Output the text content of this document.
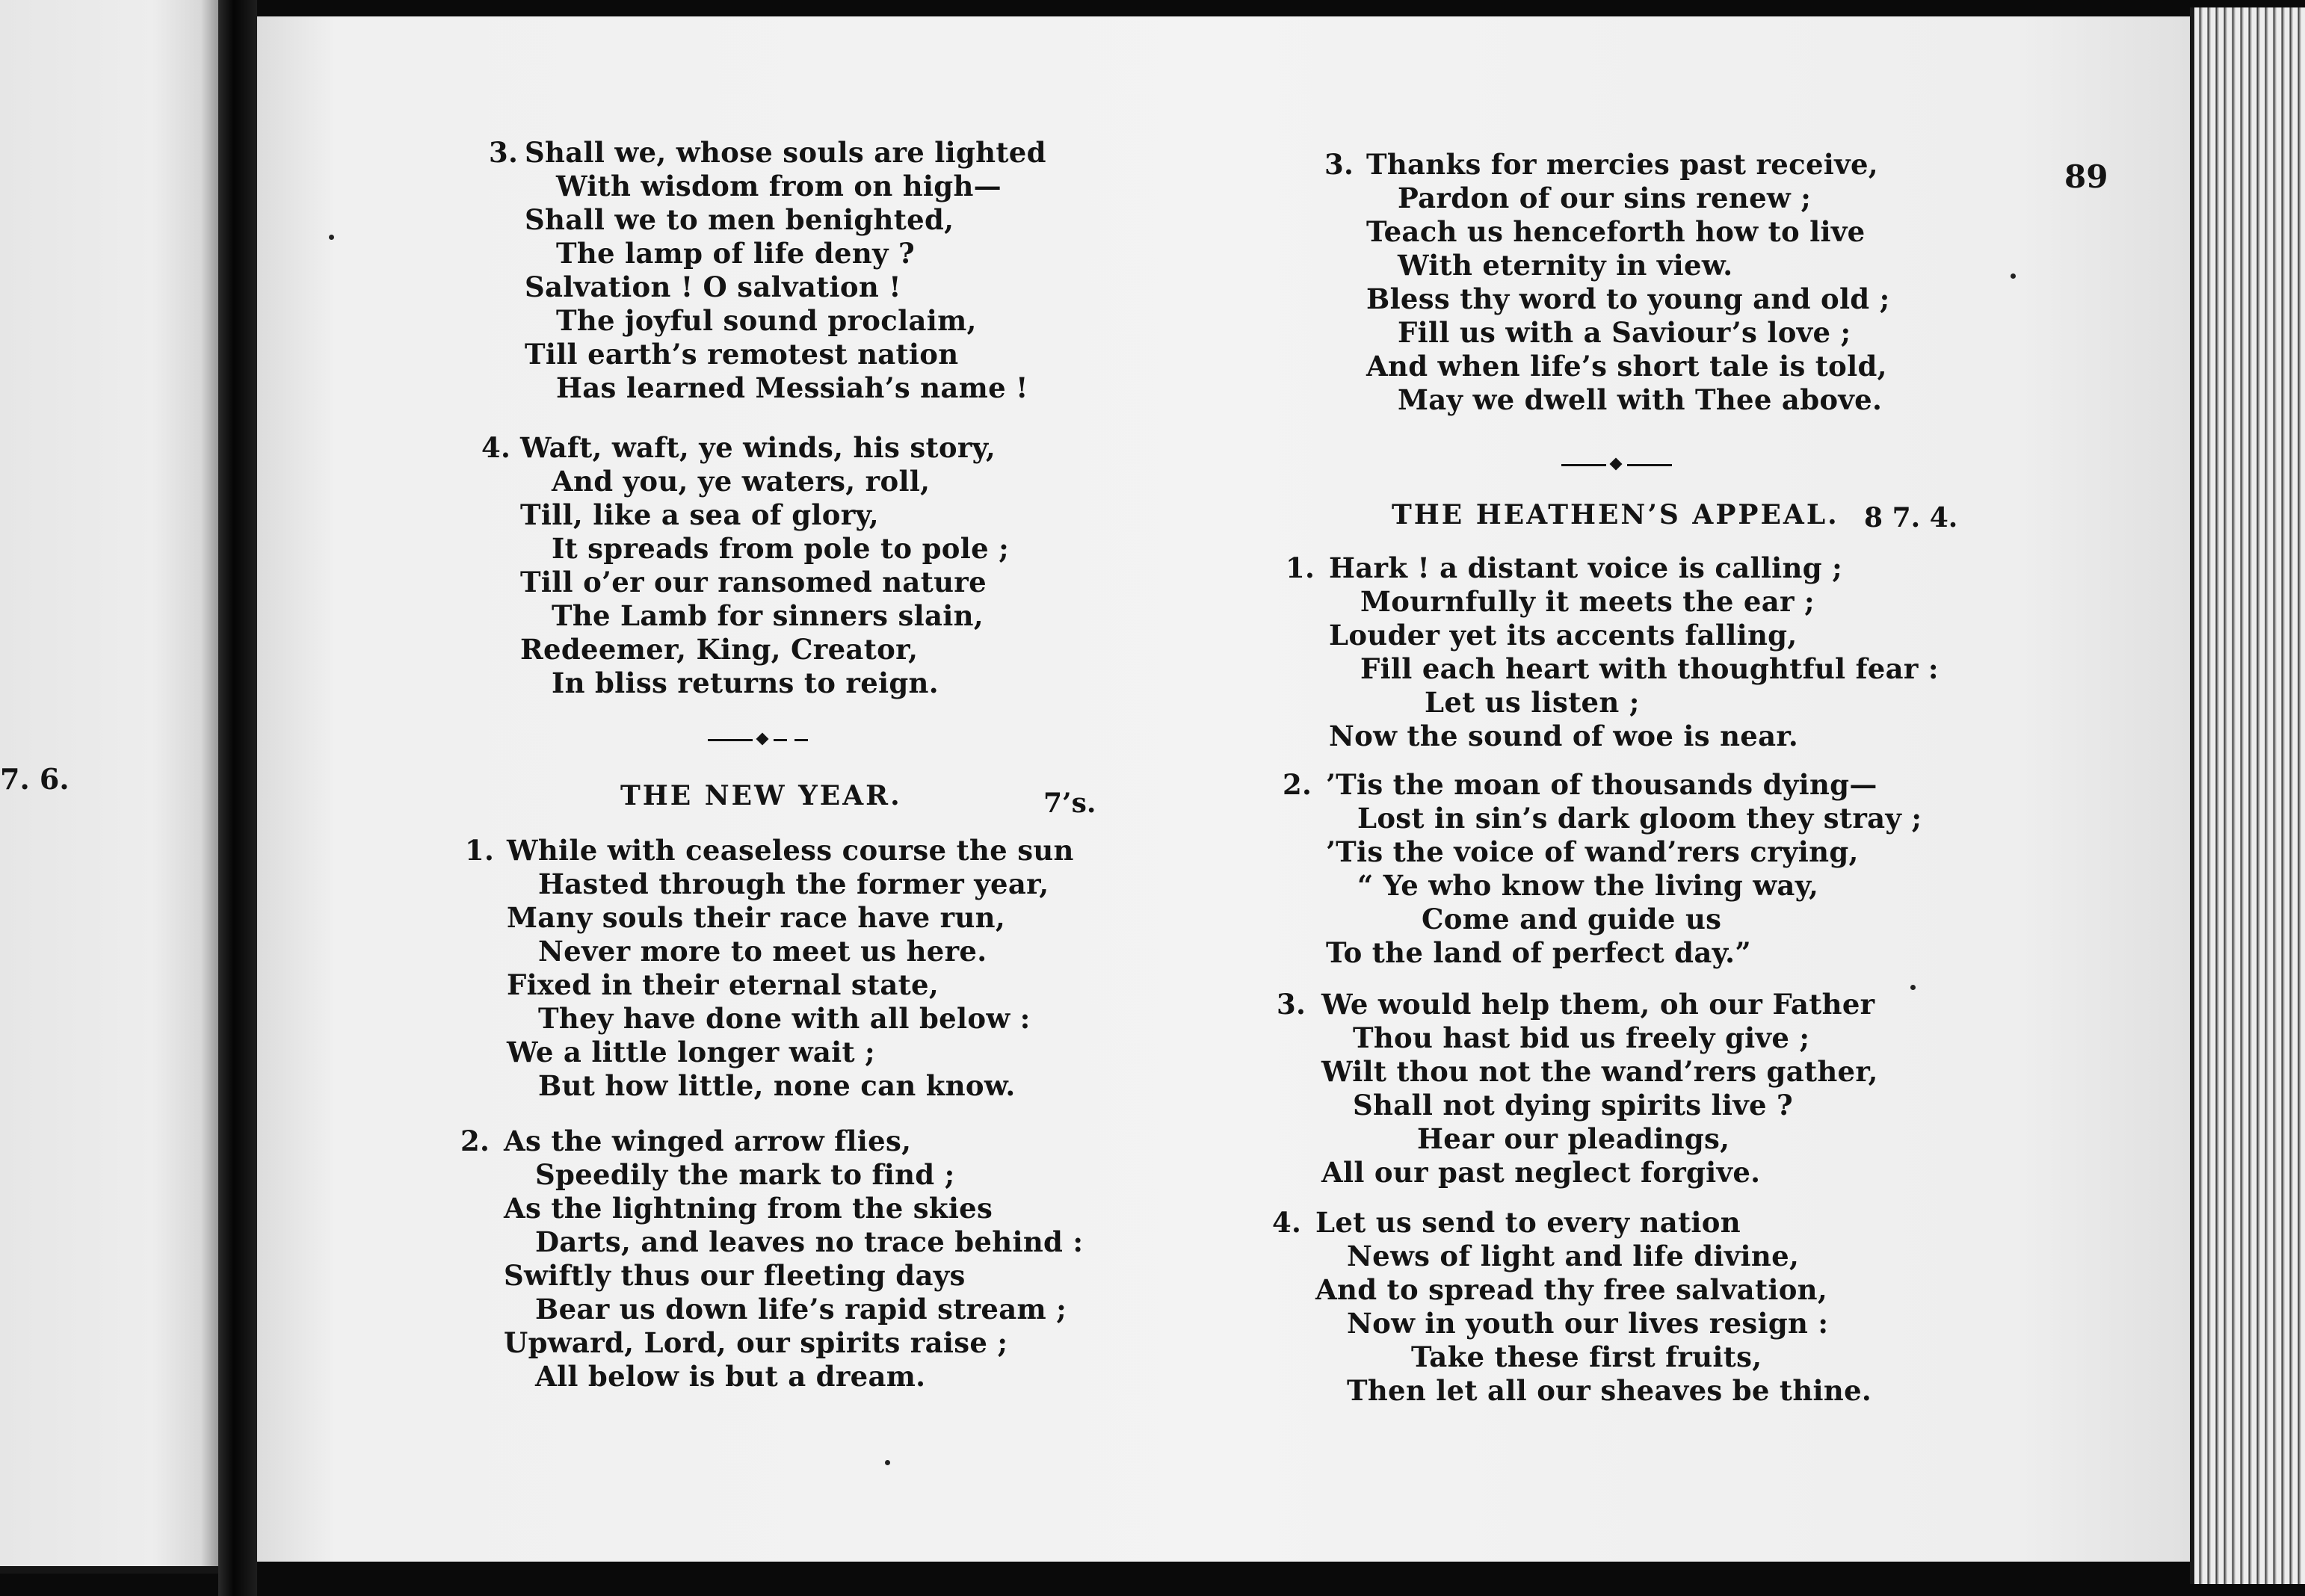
7. 6.
89
3. Shall we, whose souls are lighted
With wisdom from on high—
Shall we to men benighted,
The lamp of life deny ?
Salvation ! O salvation !
The joyful sound proclaim,
Till earth’s remotest nation
Has learned Messiah’s name !
4. Waft, waft, ye winds, his story,
And you, ye waters, roll,
Till, like a sea of glory,
It spreads from pole to pole ;
Till o’er our ransomed nature
The Lamb for sinners slain,
Redeemer, King, Creator,
In bliss returns to reign.
THE NEW YEAR.	7’s.
1. While with ceaseless course the sun
Hasted through the former year,
Many souls their race have run,
Never more to meet us here.
Fixed in their eternal state,
They have done with all below :
We a little longer wait ;
But how little, none can know.
2. As the winged arrow flies,
Speedily the mark to find ;
As the lightning from the skies
Darts, and leaves no trace behind :
Swiftly thus our fleeting days
Bear us down life’s rapid stream ;
Upward, Lord, our spirits raise ;
All below is but a dream.
3. Thanks for mercies past receive,
Pardon of our sins renew ;
Teach us henceforth how to live
With eternity in view.
Bless thy word to young and old ;
Fill us with a Saviour’s love ;
And when life’s short tale is told,
May we dwell with Thee above.
THE HEATHEN’S APPEAL. 8 7. 4.
1. Hark ! a distant voice is calling ;
Mournfully it meets the ear ;
Louder yet its accents falling,
Fill each heart with thoughtful fear :
Let us listen ;
Now the sound of woe is near.
2. ’Tis the moan of thousands dying—
Lost in sin’s dark gloom they stray ;
’Tis the voice of wand’rers crying,
“ Ye who know the living way,
Come and guide us
To the land of perfect day.”
3. We would help them, oh our Father
Thou hast bid us freely give ;
Wilt thou not the wand’rers gather,
Shall not dying spirits live ?
Hear our pleadings,
All our past neglect forgive.
4. Let us send to every nation
News of light and life divine,
And to spread thy free salvation,
Now in youth our lives resign :
Take these first fruits,
Then let all our sheaves be thine.
